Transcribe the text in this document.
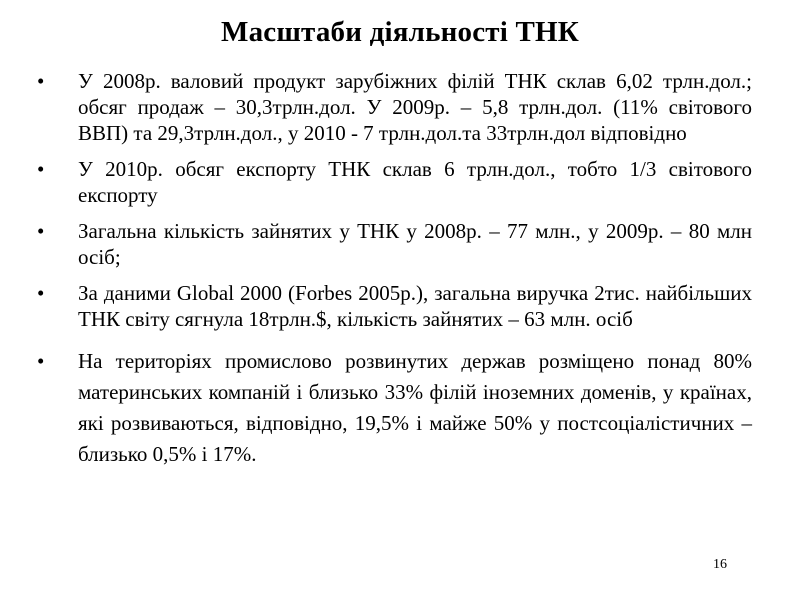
Масштаби діяльності ТНК
• У 2008р. валовий продукт зарубіжних філій ТНК склав 6,02 трлн.дол.; обсяг продаж – 30,3трлн.дол. У 2009р. – 5,8 трлн.дол. (11% світового ВВП) та 29,3трлн.дол., у 2010 - 7 трлн.дол.та 33трлн.дол відповідно
• У 2010р. обсяг експорту ТНК склав 6 трлн.дол., тобто 1/3 світового експорту
• Загальна кількість зайнятих у ТНК у 2008р. – 77 млн., у 2009р. – 80 млн осіб;
• За даними Global 2000 (Forbes 2005р.), загальна виручка 2тис. найбільших ТНК світу сягнула 18трлн.$, кількість зайнятих – 63 млн. осіб
• На територіях промислово розвинутих держав розміщено понад 80% материнських компаній і близько 33% філій іноземних доменів, у країнах, які розвиваються, відповідно, 19,5% і майже 50% у постсоціалістичних – близько 0,5% і 17%.
16
